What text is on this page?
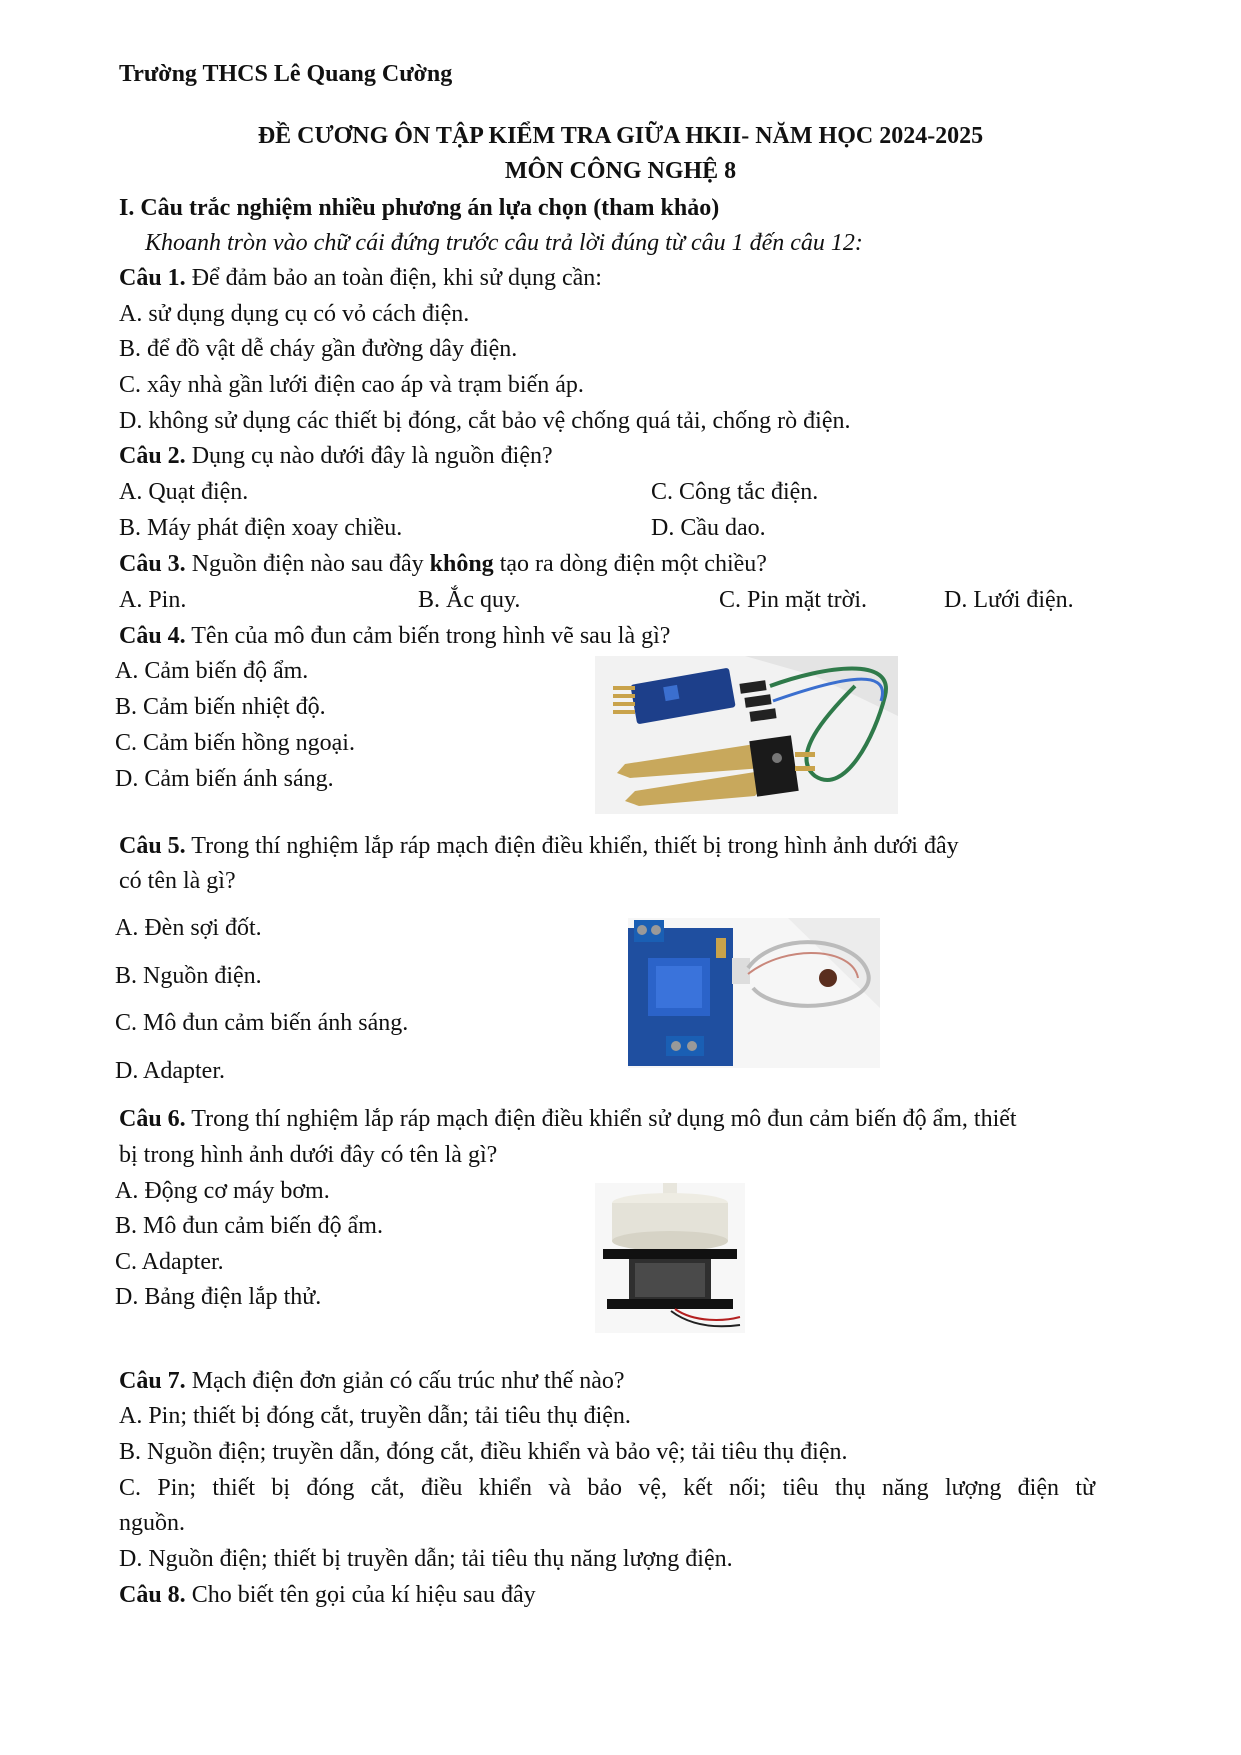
Trường THCS Lê Quang Cường
ĐỀ CƯƠNG ÔN TẬP KIỂM TRA GIỮA HKII- NĂM HỌC 2024-2025
MÔN CÔNG NGHỆ 8
I. Câu trắc nghiệm nhiều phương án lựa chọn (tham khảo)
Khoanh tròn vào chữ cái đứng trước câu trả lời đúng từ câu 1 đến câu 12:
Câu 1. Để đảm bảo an toàn điện, khi sử dụng cần:
A. sử dụng dụng cụ có vỏ cách điện.
B. để đồ vật dễ cháy gần đường dây điện.
C. xây nhà gần lưới điện cao áp và trạm biến áp.
D. không sử dụng các thiết bị đóng, cắt bảo vệ chống quá tải, chống rò điện.
Câu 2. Dụng cụ nào dưới đây là nguồn điện?
A. Quạt điện.	C. Công tắc điện.
B. Máy phát điện xoay chiều.	D. Cầu dao.
Câu 3. Nguồn điện nào sau đây không tạo ra dòng điện một chiều?
A. Pin.	B. Ắc quy.	C. Pin mặt trời.	D. Lưới điện.
Câu 4. Tên của mô đun cảm biến trong hình vẽ sau là gì?
A. Cảm biến độ ẩm.
B. Cảm biến nhiệt độ.
C. Cảm biến hồng ngoại.
D. Cảm biến ánh sáng.
Câu 5. Trong thí nghiệm lắp ráp mạch điện điều khiển, thiết bị trong hình ảnh dưới đây
có tên là gì?
A. Đèn sợi đốt.
B. Nguồn điện.
C. Mô đun cảm biến ánh sáng.
D. Adapter.
Câu 6. Trong thí nghiệm lắp ráp mạch điện điều khiển sử dụng mô đun cảm biến độ ẩm, thiết
bị trong hình ảnh dưới đây có tên là gì?
A. Động cơ máy bơm.
B. Mô đun cảm biến độ ẩm.
C. Adapter.
D. Bảng điện lắp thử.
Câu 7. Mạch điện đơn giản có cấu trúc như thế nào?
A. Pin; thiết bị đóng cắt, truyền dẫn; tải tiêu thụ điện.
B. Nguồn điện; truyền dẫn, đóng cắt, điều khiển và bảo vệ; tải tiêu thụ điện.
C. Pin; thiết bị đóng cắt, điều khiển và bảo vệ, kết nối; tiêu thụ năng lượng điện từ
nguồn.
D. Nguồn điện; thiết bị truyền dẫn; tải tiêu thụ năng lượng điện.
Câu 8. Cho biết tên gọi của kí hiệu sau đây
